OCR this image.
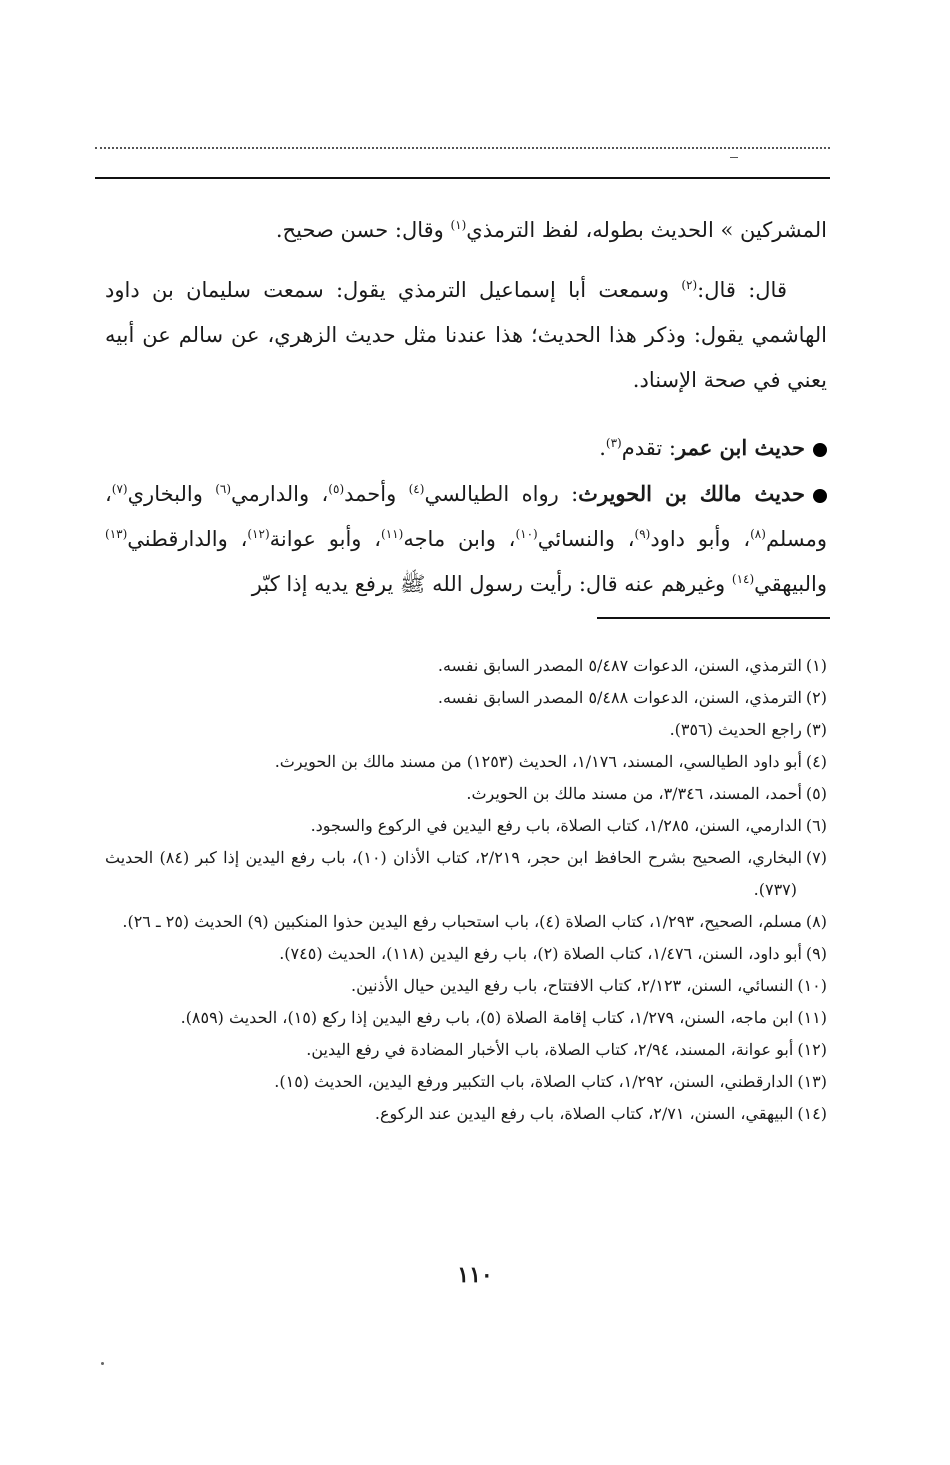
المشركين » الحديث بطوله، لفظ الترمذي$^{(١)}$ وقال: حسن صحيح.

قال: قال:$^{(٢)}$ وسمعت أبا إسماعيل الترمذي يقول: سمعت سليمان بن داود الهاشمي يقول: وذكر هذا الحديث؛ هذا عندنا مثل حديث الزهري، عن سالم عن أبيه يعني في صحة الإسناد.

حديث ابن عمر: تقدم$^{(٣)}$.

حديث مالك بن الحويرث: رواه الطيالسي$^{(٤)}$ وأحمد$^{(٥)}$، والدارمي$^{(٦)}$ والبخاري$^{(٧)}$، ومسلم$^{(٨)}$، وأبو داود$^{(٩)}$، والنسائي$^{(١٠)}$، وابن ماجه$^{(١١)}$، وأبو عوانة$^{(١٢)}$، والدارقطني$^{(١٣)}$ والبيهقي$^{(١٤)}$ وغيرهم عنه قال: رأيت رسول الله ﷺ يرفع يديه إذا كبّر

(١)الترمذي، السنن، الدعوات ٥/٤٨٧ المصدر السابق نفسه.

(٢)الترمذي، السنن، الدعوات ٥/٤٨٨ المصدر السابق نفسه.

(٣)راجع الحديث (٣٥٦).

(٤)أبو داود الطيالسي، المسند، ١/١٧٦، الحديث (١٢٥٣) من مسند مالك بن الحويرث.

(٥)أحمد، المسند، ٣/٣٤٦، من مسند مالك بن الحويرث.

(٦)الدارمي، السنن، ١/٢٨٥، كتاب الصلاة، باب رفع اليدين في الركوع والسجود.

(٧)البخاري، الصحيح بشرح الحافظ ابن حجر، ٢/٢١٩، كتاب الأذان (١٠)، باب رفع اليدين إذا كبر (٨٤) الحديث (٧٣٧).

(٨)مسلم، الصحيح، ١/٢٩٣، كتاب الصلاة (٤)، باب استحباب رفع اليدين حذوا المنكبين (٩) الحديث (٢٥ ـ ٢٦).

(٩)أبو داود، السنن، ١/٤٧٦، كتاب الصلاة (٢)، باب رفع اليدين (١١٨)، الحديث (٧٤٥).

(١٠)النسائي، السنن، ٢/١٢٣، كتاب الافتتاح، باب رفع اليدين حيال الأذنين.

(١١)ابن ماجه، السنن، ١/٢٧٩، كتاب إقامة الصلاة (٥)، باب رفع اليدين إذا ركع (١٥)، الحديث (٨٥٩).

(١٢)أبو عوانة، المسند، ٢/٩٤، كتاب الصلاة، باب الأخبار المضادة في رفع اليدين.

(١٣)الدارقطني، السنن، ١/٢٩٢، كتاب الصلاة، باب التكبير ورفع اليدين، الحديث (١٥).

(١٤)البيهقي، السنن، ٢/٧١، كتاب الصلاة، باب رفع اليدين عند الركوع.

١١٠
